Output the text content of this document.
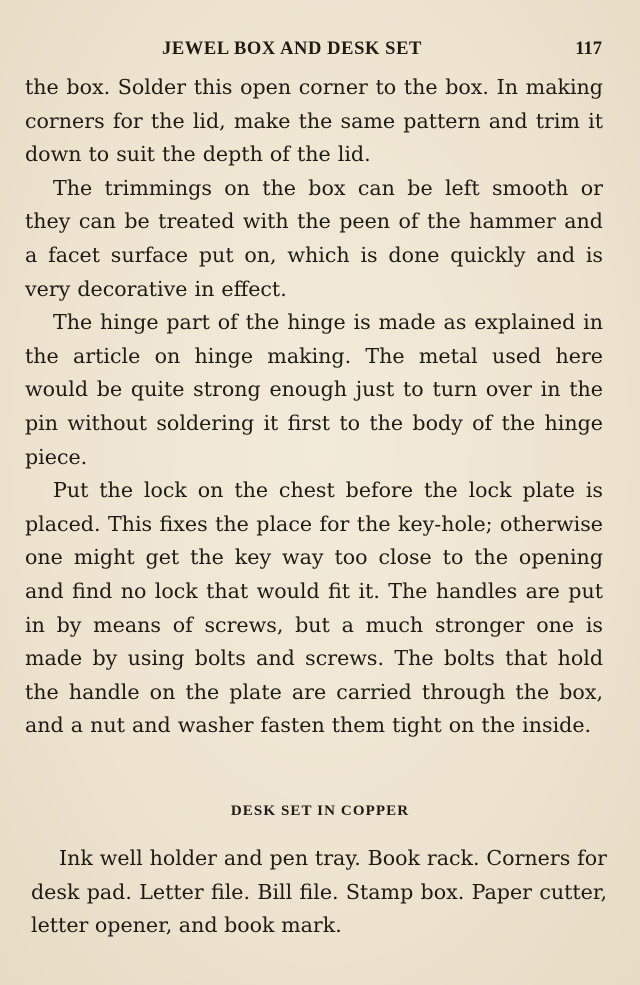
JEWEL BOX AND DESK SET	117

the box. Solder this open corner to the box. In making corners for the lid, make the same pattern and trim it down to suit the depth of the lid.

The trimmings on the box can be left smooth or they can be treated with the peen of the hammer and a facet surface put on, which is done quickly and is very decorative in effect.

The hinge part of the hinge is made as explained in the article on hinge making. The metal used here would be quite strong enough just to turn over in the pin without soldering it first to the body of the hinge piece.

Put the lock on the chest before the lock plate is placed. This fixes the place for the key-hole; otherwise one might get the key way too close to the opening and find no lock that would fit it. The handles are put in by means of screws, but a much stronger one is made by using bolts and screws. The bolts that hold the handle on the plate are carried through the box, and a nut and washer fasten them tight on the inside.

DESK SET IN COPPER

Ink well holder and pen tray. Book rack. Corners for desk pad. Letter file. Bill file. Stamp box. Paper cutter, letter opener, and book mark.
